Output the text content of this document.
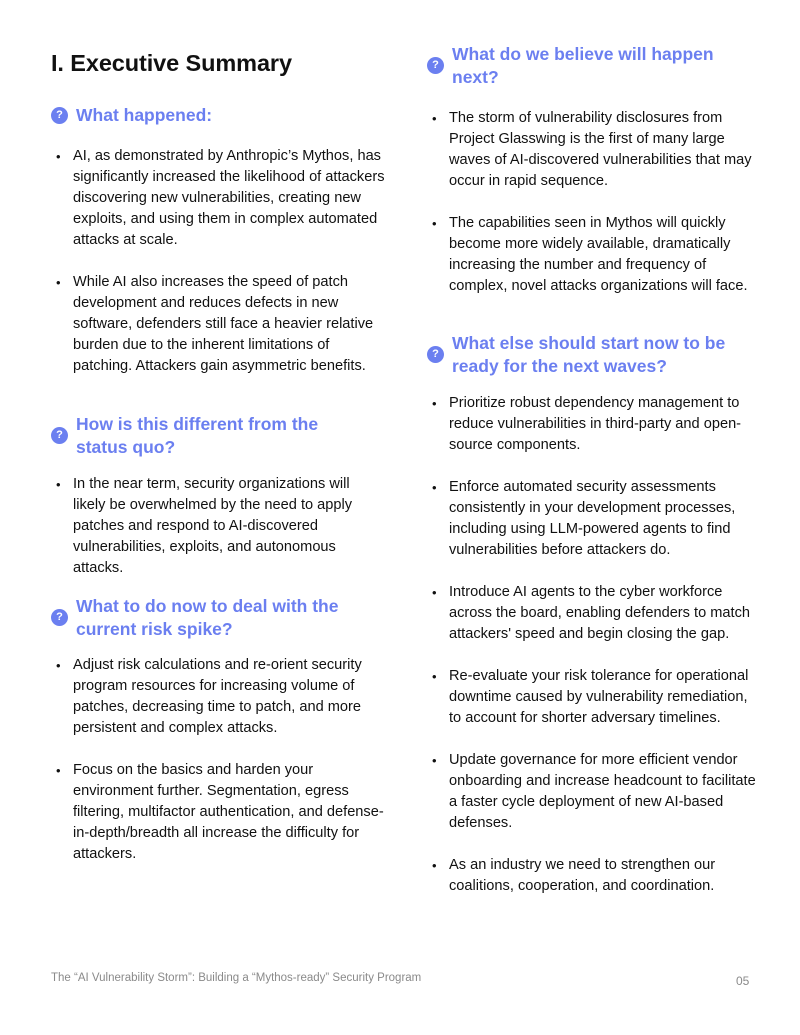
I. Executive Summary
? What happened:
• AI, as demonstrated by Anthropic’s Mythos, has significantly increased the likelihood of attackers discovering new vulnerabilities, creating new exploits, and using them in complex automated attacks at scale.
• While AI also increases the speed of patch development and reduces defects in new software, defenders still face a heavier relative burden due to the inherent limitations of patching. Attackers gain asymmetric benefits.
?
How is this different from the status quo?
• In the near term, security organizations will likely be overwhelmed by the need to apply patches and respond to AI-discovered vulnerabilities, exploits, and autonomous attacks.
?
What to do now to deal with the current risk spike?
• Adjust risk calculations and re-orient security program resources for increasing volume of patches, decreasing time to patch, and more persistent and complex attacks.
• Focus on the basics and harden your environment further. Segmentation, egress filtering, multifactor authentication, and defense-in-depth/breadth all increase the difficulty for attackers.
?
What do we believe will happen next?
• The storm of vulnerability disclosures from Project Glasswing is the first of many large waves of AI-discovered vulnerabilities that may occur in rapid sequence.
• The capabilities seen in Mythos will quickly become more widely available, dramatically increasing the number and frequency of complex, novel attacks organizations will face.
?
What else should start now to be ready for the next waves?
• Prioritize robust dependency management to reduce vulnerabilities in third-party and open-source components.
• Enforce automated security assessments consistently in your development processes, including using LLM-powered agents to find vulnerabilities before attackers do.
• Introduce AI agents to the cyber workforce across the board, enabling defenders to match attackers' speed and begin closing the gap.
• Re-evaluate your risk tolerance for operational downtime caused by vulnerability remediation, to account for shorter adversary timelines.
• Update governance for more efficient vendor onboarding and increase headcount to facilitate a faster cycle deployment of new AI-based defenses.
• As an industry we need to strengthen our coalitions, cooperation, and coordination.
The “AI Vulnerability Storm”: Building a “Mythos-ready” Security Program	05
